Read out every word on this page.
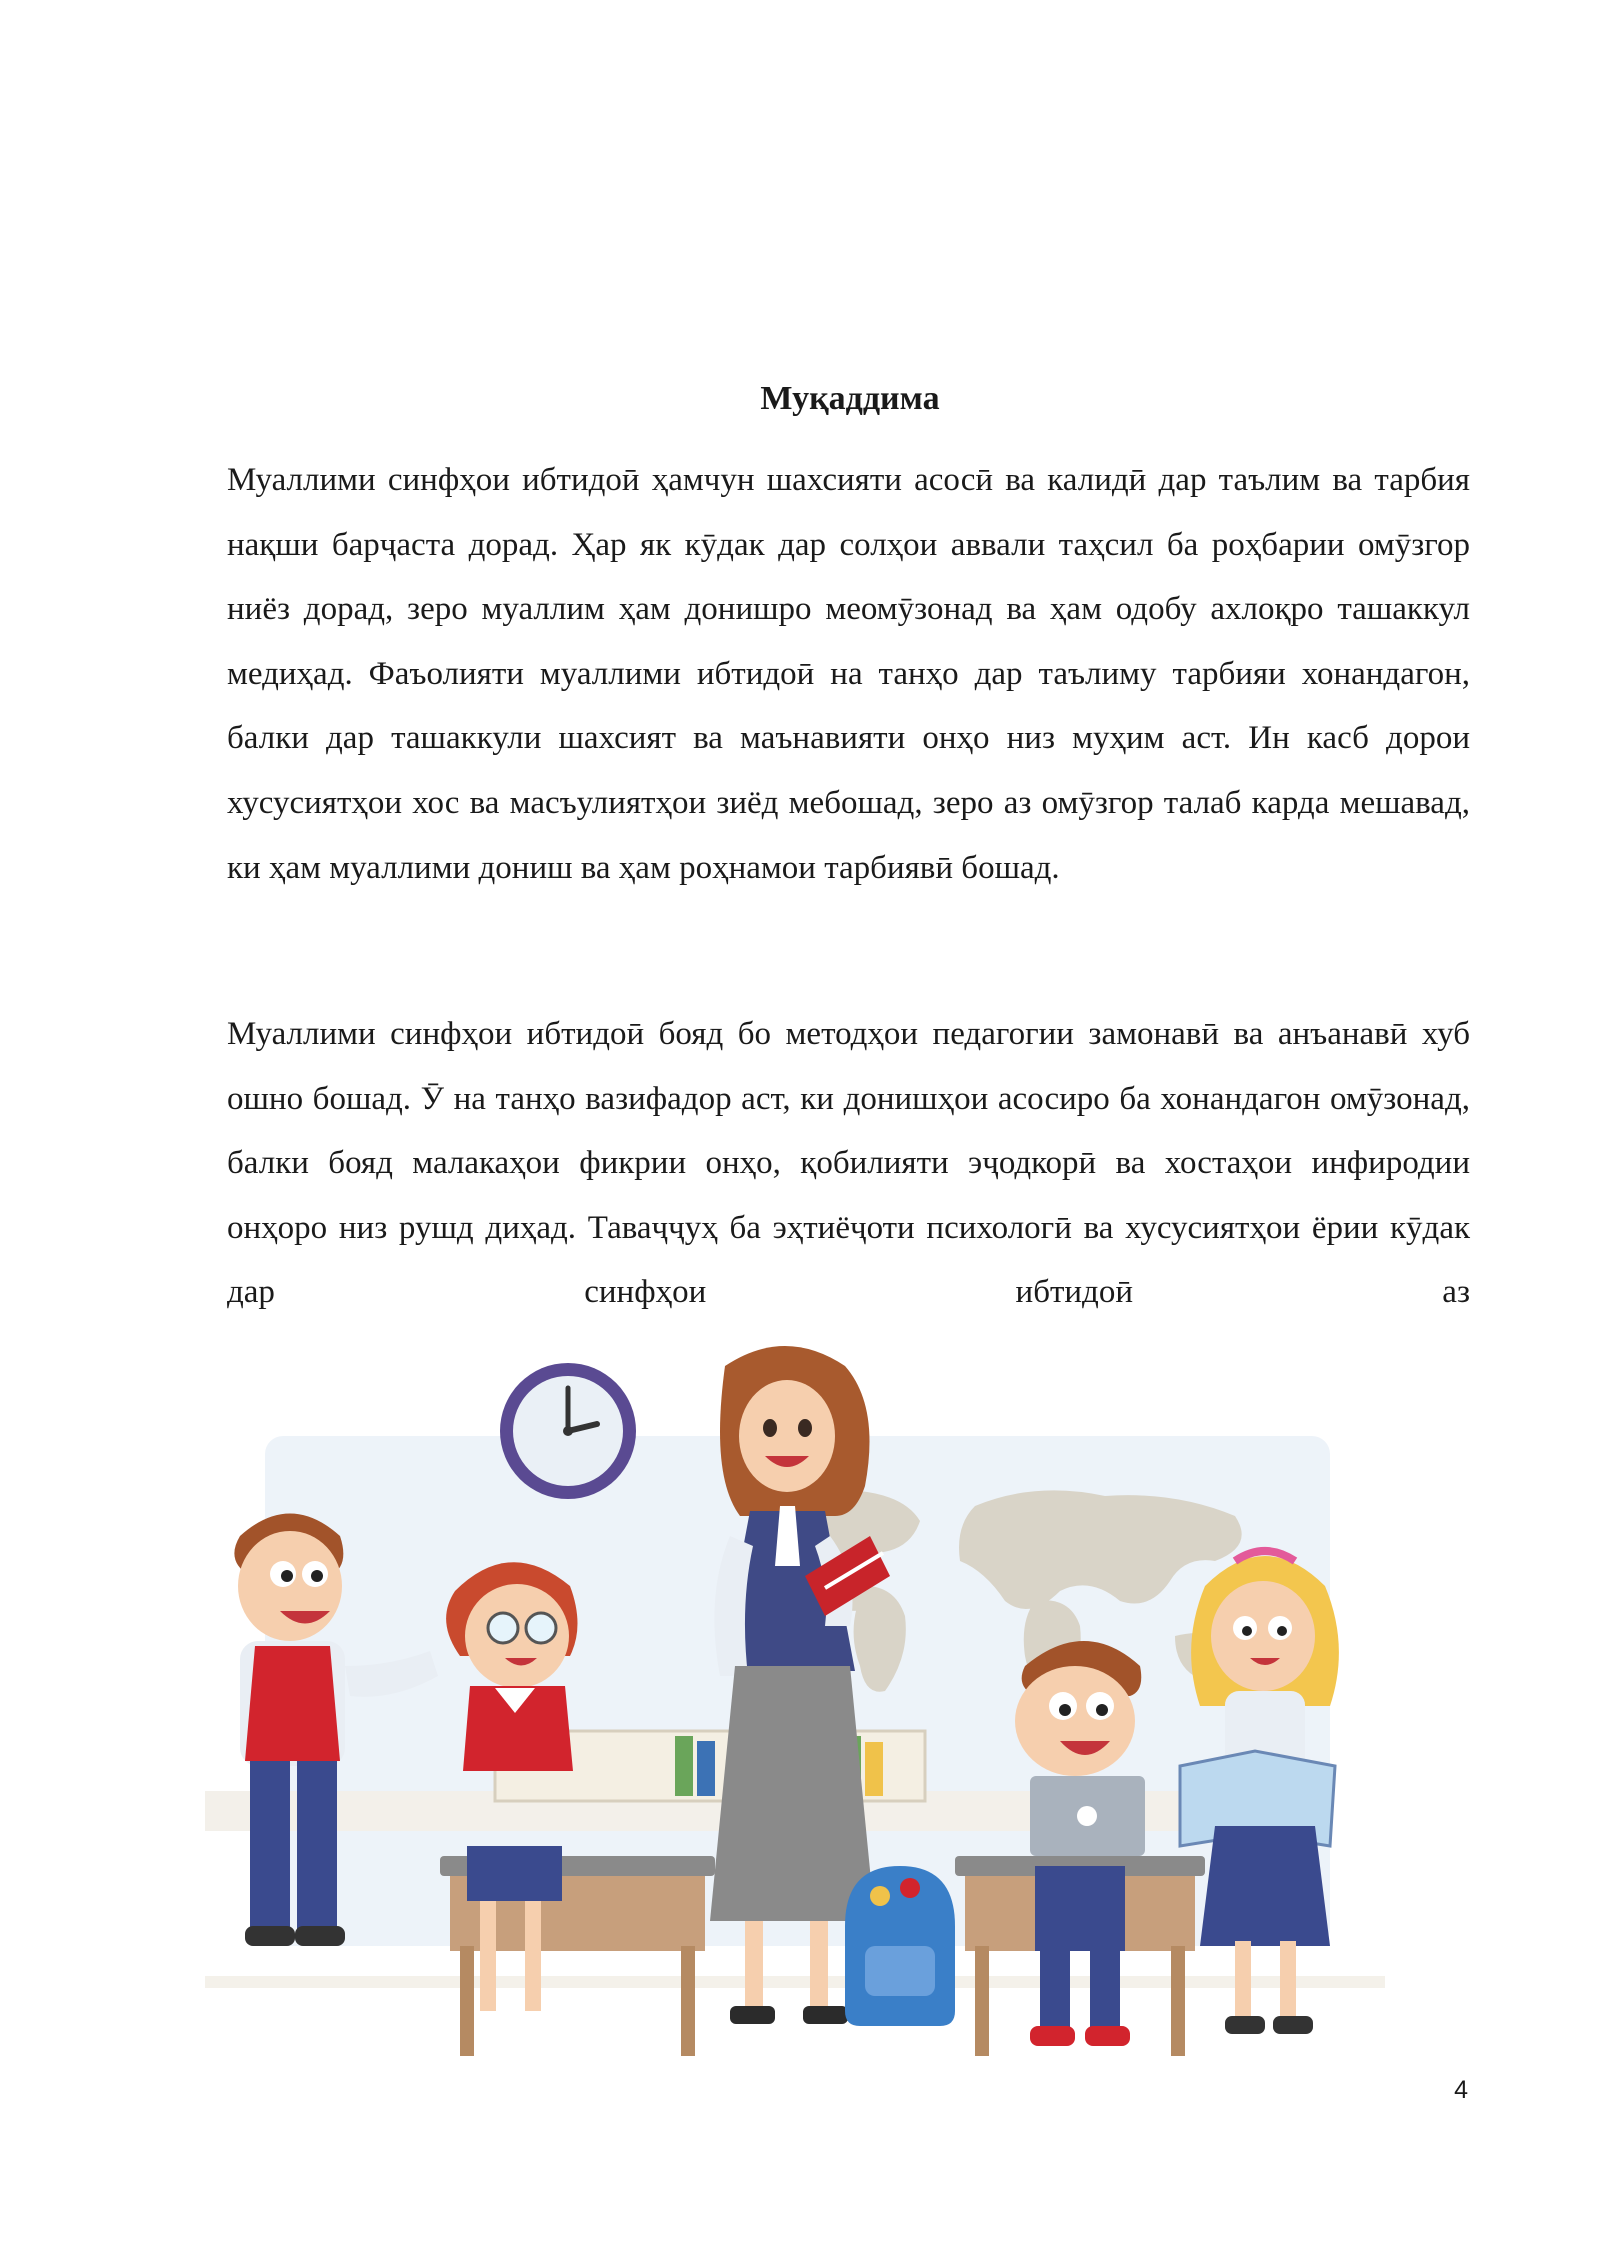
Муқаддима

Муаллими синфҳои ибтидоӣ ҳамчун шахсияти асосӣ ва калидӣ дар таълим ва тарбия нақши барҷаста дорад. Ҳар як кӯдак дар солҳои аввали таҳсил ба роҳбарии омӯзгор ниёз дорад, зеро муаллим ҳам донишро меомӯзонад ва ҳам одобу ахлоқро ташаккул медиҳад. Фаъолияти муаллими ибтидоӣ на танҳо дар таълиму тарбияи хонандагон, балки дар ташаккули шахсият ва маънавияти онҳо низ муҳим аст. Ин касб дорои хусусиятҳои хос ва масъулиятҳои зиёд мебошад, зеро аз омӯзгор талаб карда мешавад, ки ҳам муаллими дониш ва ҳам роҳнамои тарбиявӣ бошад.

Муаллими синфҳои ибтидоӣ бояд бо методҳои педагогии замонавӣ ва анъанавӣ хуб ошно бошад. Ӯ на танҳо вазифадор аст, ки донишҳои асосиро ба хонандагон омӯзонад, балки бояд малакаҳои фикрии онҳо, қобилияти эҷодкорӣ ва хостаҳои инфиродии онҳоро низ рушд диҳад. Таваҷҷуҳ ба эҳтиёҷоти психологӣ ва хусусиятҳои ёрии кӯдак дар синфҳои ибтидоӣ аз

4
